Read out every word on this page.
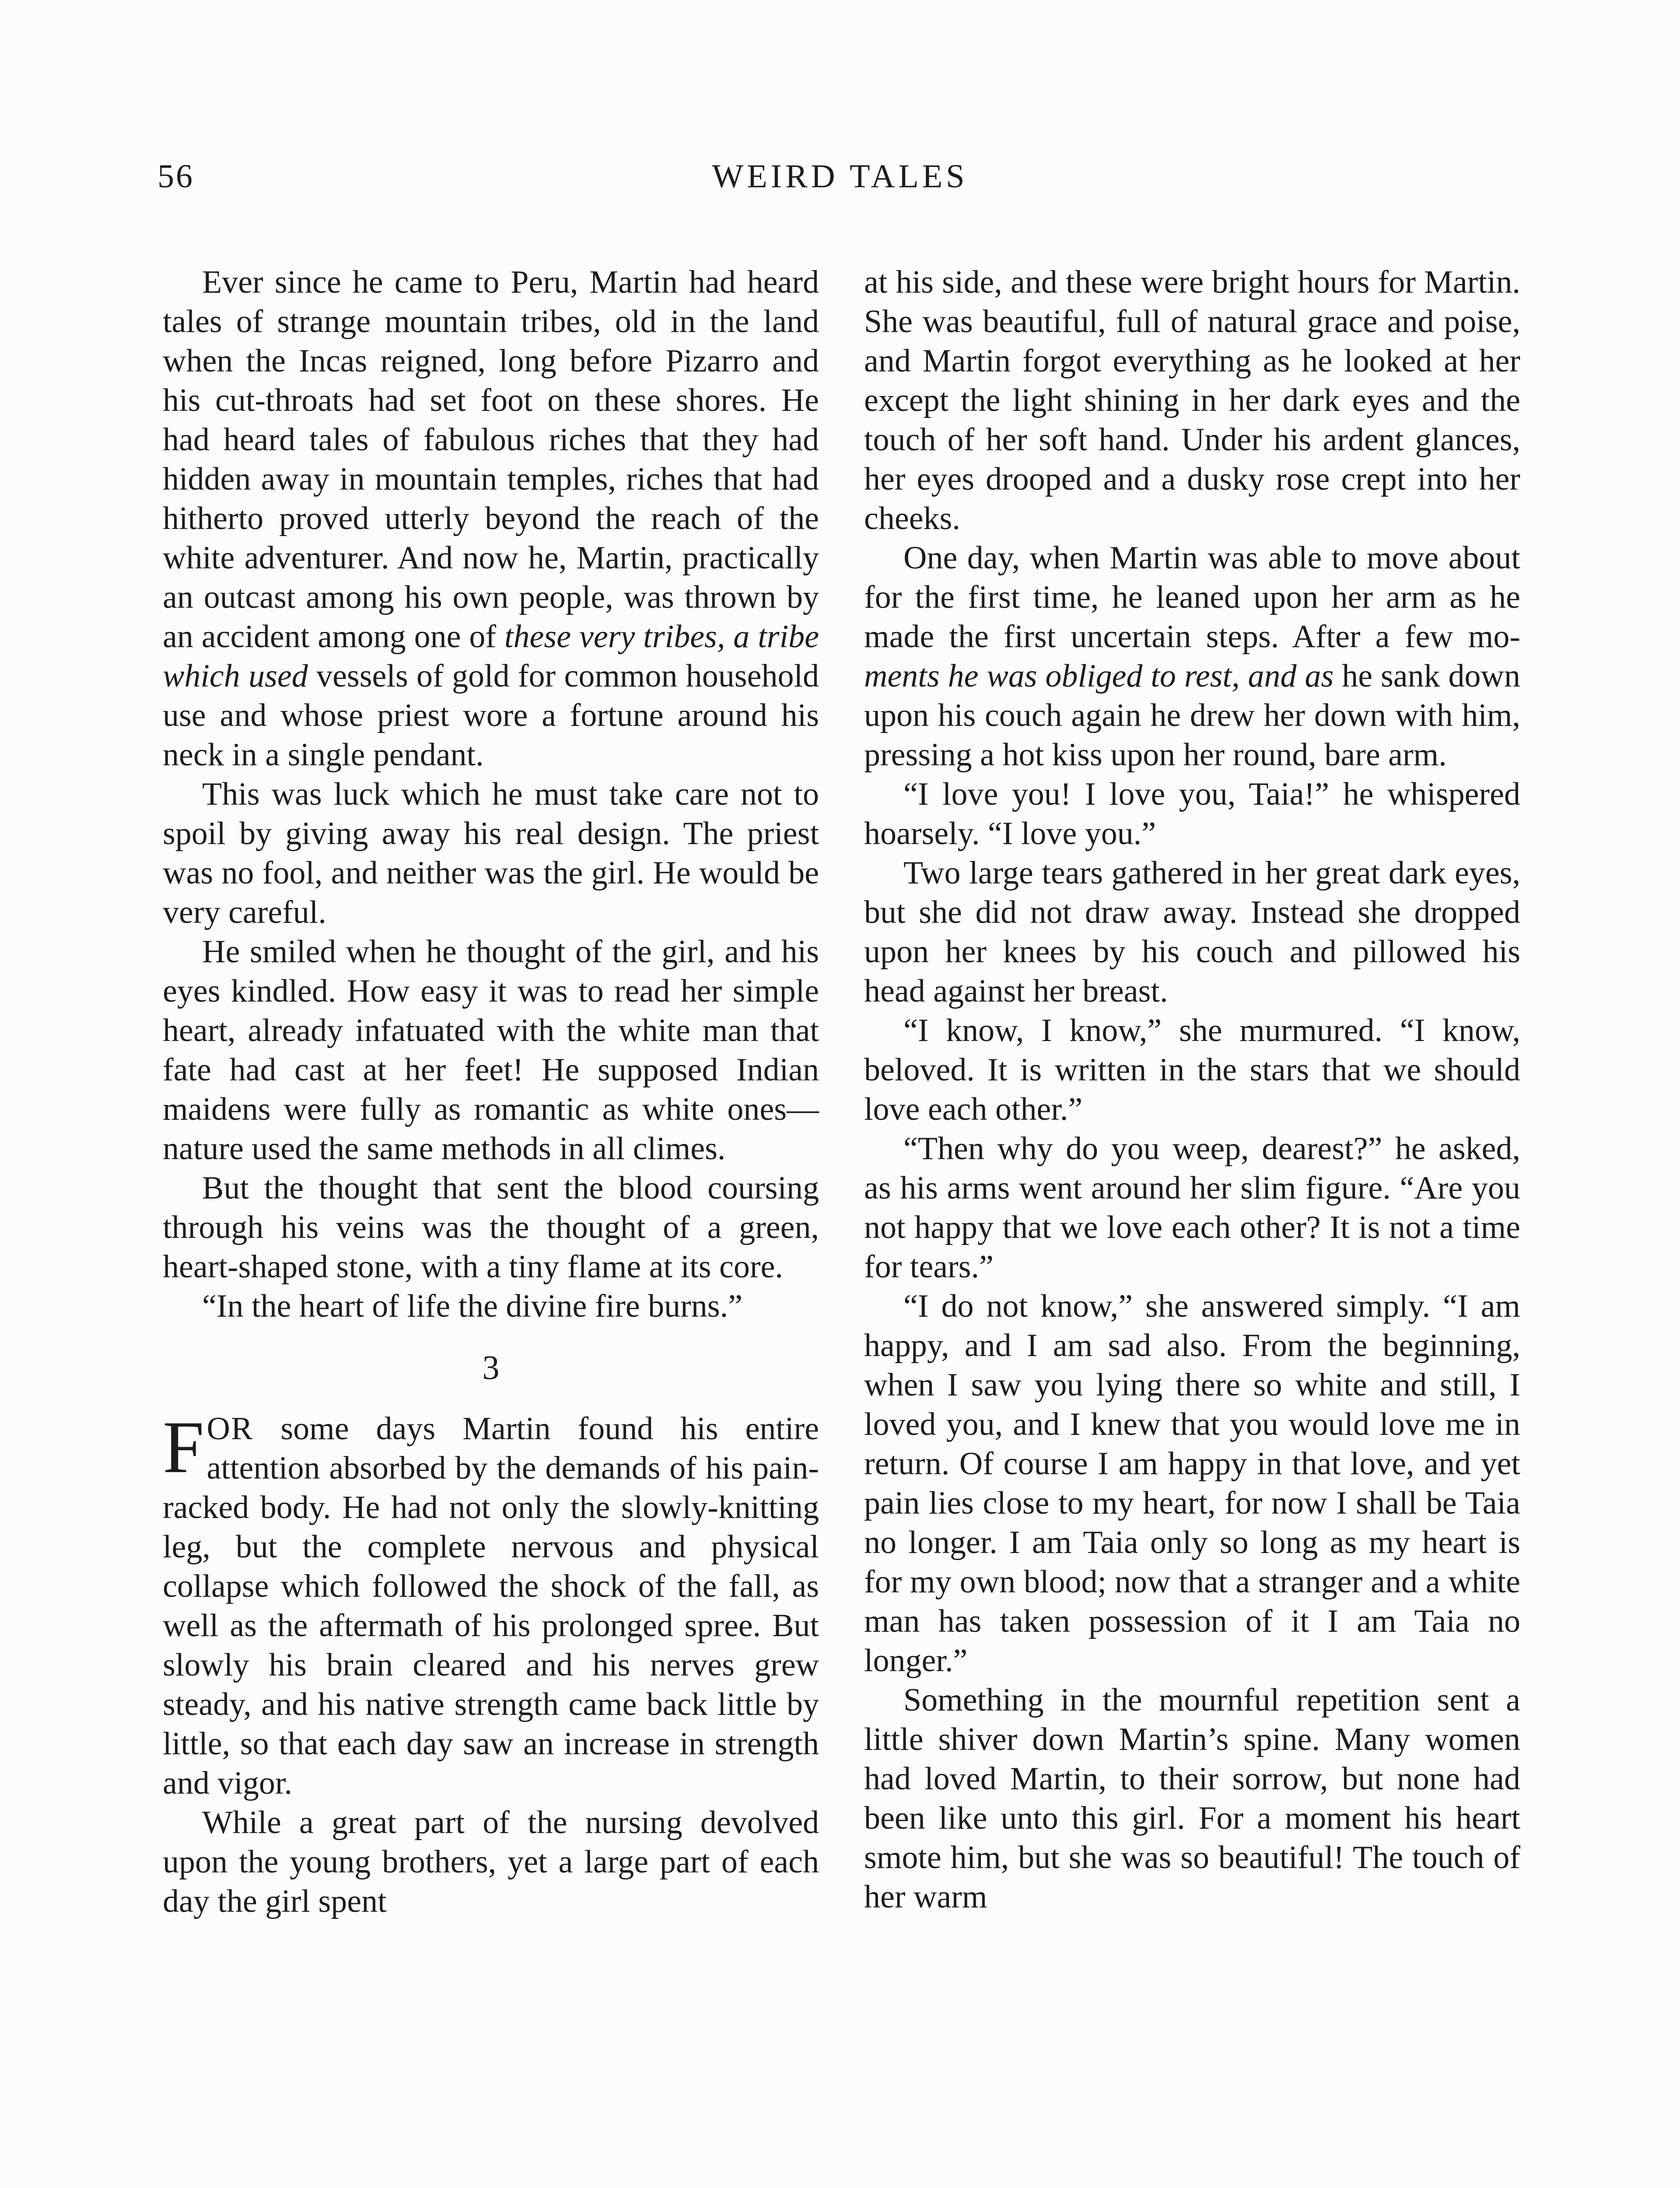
56	WEIRD TALES

Ever since he came to Peru, Martin had heard tales of strange mountain tribes, old in the land when the Incas reigned, long before Pizarro and his cut-throats had set foot on these shores. He had heard tales of fabulous riches that they had hidden away in mountain temples, riches that had hitherto proved utterly beyond the reach of the white adventurer. And now he, Martin, practically an outcast among his own people, was thrown by an accident among one of these very tribes, a tribe which used vessels of gold for common household use and whose priest wore a fortune around his neck in a single pendant.

This was luck which he must take care not to spoil by giving away his real design. The priest was no fool, and neither was the girl. He would be very careful.

He smiled when he thought of the girl, and his eyes kindled. How easy it was to read her simple heart, already infatuated with the white man that fate had cast at her feet! He supposed Indian maidens were fully as romantic as white ones—nature used the same methods in all climes.

But the thought that sent the blood coursing through his veins was the thought of a green, heart-shaped stone, with a tiny flame at its core.

“In the heart of life the divine fire burns.”

3

FOR some days Martin found his entire attention absorbed by the demands of his pain-racked body. He had not only the slowly-knitting leg, but the complete nervous and physical collapse which followed the shock of the fall, as well as the aftermath of his prolonged spree. But slowly his brain cleared and his nerves grew steady, and his native strength came back little by little, so that each day saw an increase in strength and vigor.

While a great part of the nursing devolved upon the young brothers, yet a large part of each day the girl spent

at his side, and these were bright hours for Martin. She was beautiful, full of natural grace and poise, and Martin forgot everything as he looked at her except the light shining in her dark eyes and the touch of her soft hand. Under his ardent glances, her eyes drooped and a dusky rose crept into her cheeks.

One day, when Martin was able to move about for the first time, he leaned upon her arm as he made the first uncertain steps. After a few mo-ments he was obliged to rest, and as he sank down upon his couch again he drew her down with him, pressing a hot kiss upon her round, bare arm.

“I love you! I love you, Taia!” he whispered hoarsely. “I love you.”

Two large tears gathered in her great dark eyes, but she did not draw away. Instead she dropped upon her knees by his couch and pillowed his head against her breast.

“I know, I know,” she murmured. “I know, beloved. It is written in the stars that we should love each other.”

“Then why do you weep, dearest?” he asked, as his arms went around her slim figure. “Are you not happy that we love each other? It is not a time for tears.”

“I do not know,” she answered simply. “I am happy, and I am sad also. From the beginning, when I saw you lying there so white and still, I loved you, and I knew that you would love me in return. Of course I am happy in that love, and yet pain lies close to my heart, for now I shall be Taia no longer. I am Taia only so long as my heart is for my own blood; now that a stranger and a white man has taken possession of it I am Taia no longer.”

Something in the mournful repetition sent a little shiver down Martin’s spine. Many women had loved Martin, to their sorrow, but none had been like unto this girl. For a moment his heart smote him, but she was so beautiful! The touch of her warm
